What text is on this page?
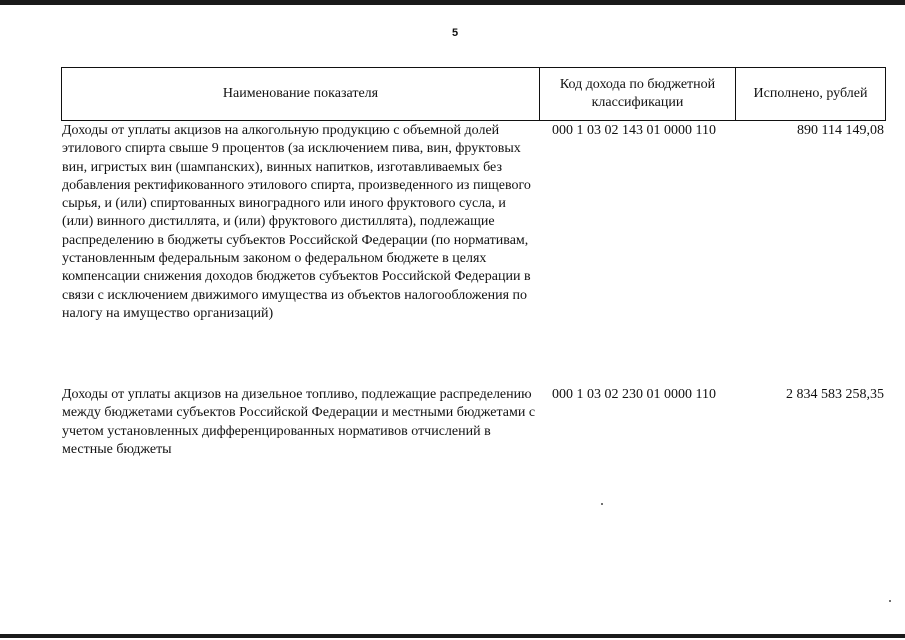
5
Наименование показателя
Код дохода по бюджетной классификации
Исполнено, рублей
Доходы от уплаты акцизов на алкогольную продукцию с объемной долей этилового спирта свыше 9 процентов (за исключением пива, вин, фруктовых вин, игристых вин (шампанских), винных напитков, изготавливаемых без добавления ректификованного этилового спирта, произведенного из пищевого сырья, и (или) спиртованных виноградного или иного фруктового сусла, и (или) винного дистиллята, и (или) фруктового дистиллята), подлежащие распределению в бюджеты субъектов Российской Федерации (по нормативам, установленным федеральным законом о федеральном бюджете в целях компенсации снижения доходов бюджетов субъектов Российской Федерации в связи с исключением движимого имущества из объектов налогообложения по налогу на имущество организаций)
000 1 03 02 143 01 0000 110	890 114 149,08
Доходы от уплаты акцизов на дизельное топливо, подлежащие распределению между бюджетами субъектов Российской Федерации и местными бюджетами с учетом установленных дифференцированных нормативов отчислений в местные бюджеты
000 1 03 02 230 01 0000 110	2 834 583 258,35
